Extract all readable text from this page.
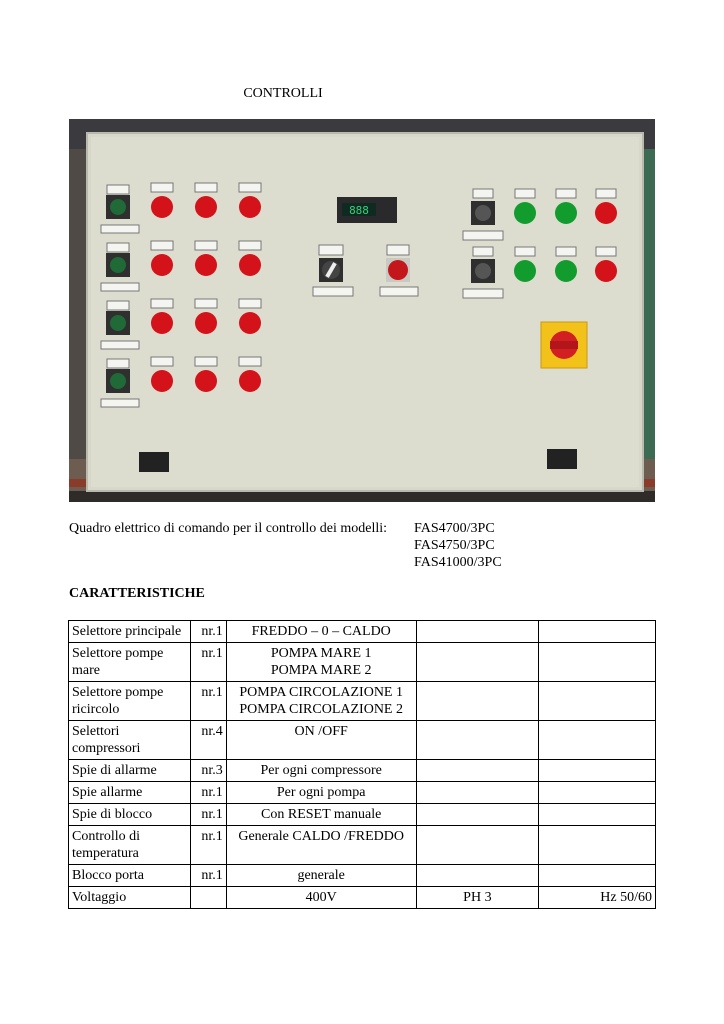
CONTROLLI
888
Quadro elettrico di comando per il controllo dei modelli: FAS4700/3PC
FAS4750/3PC
FAS41000/3PC
CARATTERISTICHE
Selettore principale	nr.1	FREDDO – 0 – CALDO		
Selettore pompe mare	nr.1	POMPA MARE 1
POMPA MARE 2		
Selettore pompe ricircolo	nr.1	POMPA CIRCOLAZIONE 1
POMPA CIRCOLAZIONE 2		
Selettori compressori	nr.4	ON /OFF		
Spie di allarme	nr.3	Per ogni compressore		
Spie allarme	nr.1	Per ogni pompa		
Spie di blocco	nr.1	Con RESET manuale		
Controllo di temperatura	nr.1	Generale CALDO /FREDDO		
Blocco porta	nr.1	generale		
Voltaggio		400V	PH 3	Hz 50/60
